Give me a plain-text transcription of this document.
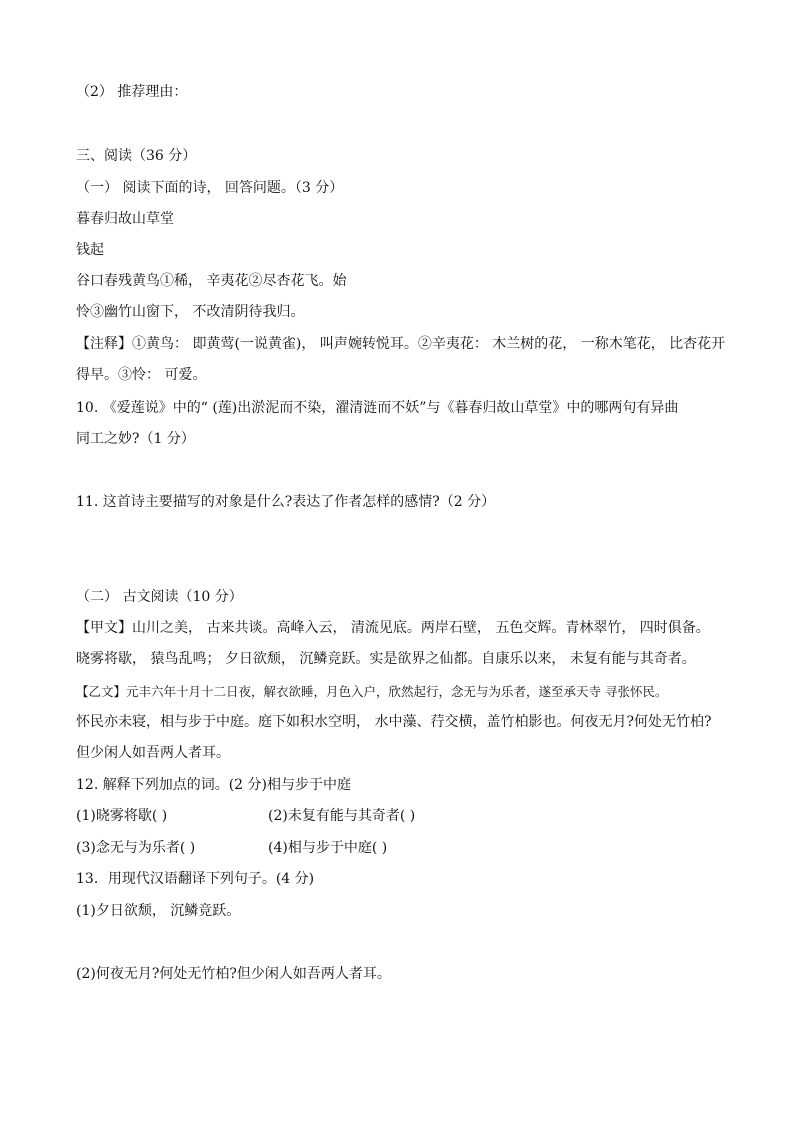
（2） 推荐理由：
三、阅读（36 分）
（一） 阅读下面的诗， 回答问题。（3 分）
暮春归故山草堂
钱起
谷口春残黄鸟①稀， 辛夷花②尽杏花飞。始
怜③幽竹山窗下， 不改清阴待我归。
【注释】①黄鸟： 即黄莺(一说黄雀)， 叫声婉转悦耳。②辛夷花： 木兰树的花， 一称木笔花， 比杏花开
得早。③怜： 可爱。
10. 《爱莲说》中的“ (莲)出淤泥而不染，濯清涟而不妖”与《暮春归故山草堂》中的哪两句有异曲
同工之妙?（1 分）
11. 这首诗主要描写的对象是什么?表达了作者怎样的感情?（2 分）
（二） 古文阅读（10 分）
【甲文】山川之美， 古来共谈。高峰入云， 清流见底。两岸石壁， 五色交辉。青林翠竹， 四时俱备。
晓雾将歇， 猿鸟乱鸣； 夕日欲颓， 沉鳞竞跃。实是欲界之仙都。自康乐以来， 未复有能与其奇者。
【乙文】元丰六年十月十二日夜，解衣欲睡，月色入户，欣然起行，念无与为乐者，遂至承天寺 寻张怀民。
怀民亦未寝，相与步于中庭。庭下如积水空明， 水中藻、荇交横，盖竹柏影也。何夜无月?何处无竹柏?
但少闲人如吾两人者耳。
12. 解释下列加点的词。(2 分)相与步于中庭
(1)晓雾将歇( )	(2)未复有能与其奇者( )
(3)念无与为乐者( )	(4)相与步于中庭( )
13．用现代汉语翻译下列句子。(4 分)
(1)夕日欲颓， 沉鳞竞跃。
(2)何夜无月?何处无竹柏?但少闲人如吾两人者耳。
